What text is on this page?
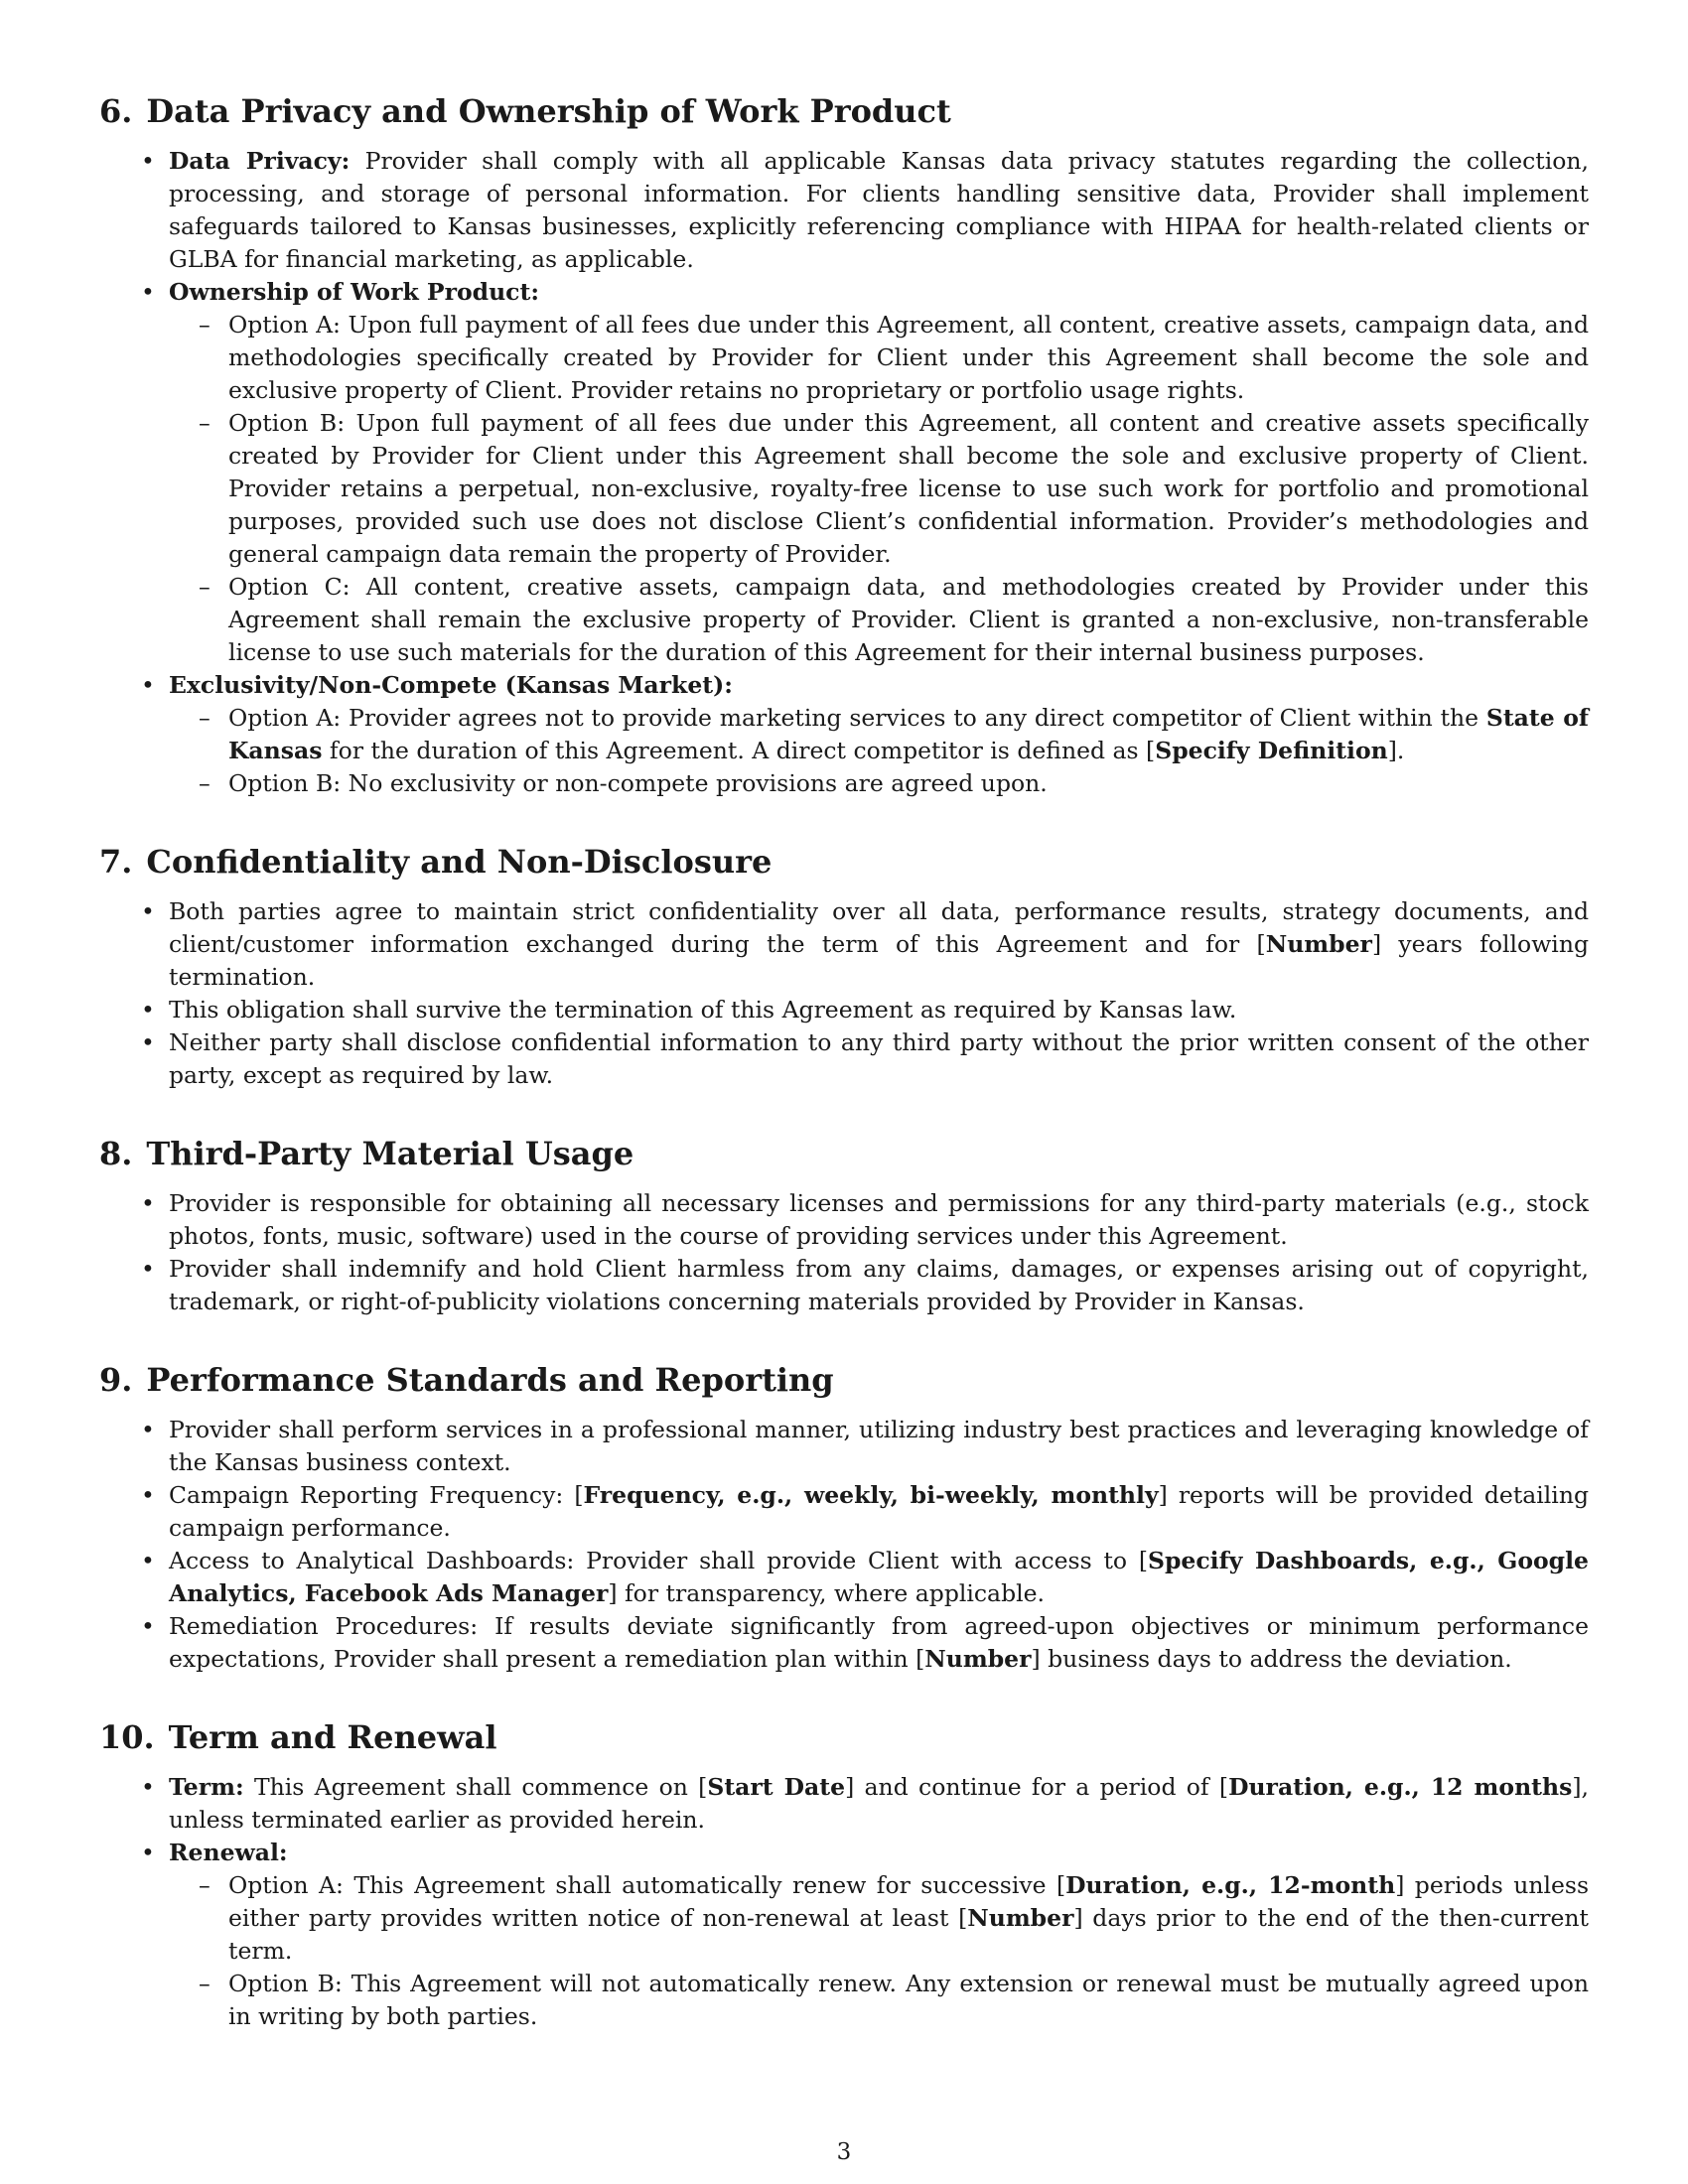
6. Data Privacy and Ownership of Work Product
• Data Privacy: Provider shall comply with all applicable Kansas data privacy statutes regarding the collection, processing, and storage of personal information. For clients handling sensitive data, Provider shall implement safeguards tailored to Kansas businesses, explicitly referencing compliance with HIPAA for health-related clients or GLBA for financial marketing, as applicable.
• Ownership of Work Product:
– Option A: Upon full payment of all fees due under this Agreement, all content, creative assets, campaign data, and methodologies specifically created by Provider for Client under this Agreement shall become the sole and exclusive property of Client. Provider retains no proprietary or portfolio usage rights.
– Option B: Upon full payment of all fees due under this Agreement, all content and creative assets specifically created by Provider for Client under this Agreement shall become the sole and exclusive property of Client. Provider retains a perpetual, non-exclusive, royalty-free license to use such work for portfolio and promotional purposes, provided such use does not disclose Client’s confidential information. Provider’s methodologies and general campaign data remain the property of Provider.
– Option C: All content, creative assets, campaign data, and methodologies created by Provider under this Agreement shall remain the exclusive property of Provider. Client is granted a non-exclusive, non-transferable license to use such materials for the duration of this Agreement for their internal business purposes.
• Exclusivity/Non-Compete (Kansas Market):
– Option A: Provider agrees not to provide marketing services to any direct competitor of Client within the State of Kansas for the duration of this Agreement. A direct competitor is defined as [Specify Definition].
– Option B: No exclusivity or non-compete provisions are agreed upon.
7. Confidentiality and Non-Disclosure
• Both parties agree to maintain strict confidentiality over all data, performance results, strategy documents, and client/customer information exchanged during the term of this Agreement and for [Number] years following termination.
• This obligation shall survive the termination of this Agreement as required by Kansas law.
• Neither party shall disclose confidential information to any third party without the prior written consent of the other party, except as required by law.
8. Third-Party Material Usage
• Provider is responsible for obtaining all necessary licenses and permissions for any third-party materials (e.g., stock photos, fonts, music, software) used in the course of providing services under this Agreement.
• Provider shall indemnify and hold Client harmless from any claims, damages, or expenses arising out of copyright, trademark, or right-of-publicity violations concerning materials provided by Provider in Kansas.
9. Performance Standards and Reporting
• Provider shall perform services in a professional manner, utilizing industry best practices and leveraging knowledge of the Kansas business context.
• Campaign Reporting Frequency: [Frequency, e.g., weekly, bi-weekly, monthly] reports will be provided detailing campaign performance.
• Access to Analytical Dashboards: Provider shall provide Client with access to [Specify Dashboards, e.g., Google Analytics, Facebook Ads Manager] for transparency, where applicable.
• Remediation Procedures: If results deviate significantly from agreed-upon objectives or minimum performance expectations, Provider shall present a remediation plan within [Number] business days to address the deviation.
10. Term and Renewal
• Term: This Agreement shall commence on [Start Date] and continue for a period of [Duration, e.g., 12 months], unless terminated earlier as provided herein.
• Renewal:
– Option A: This Agreement shall automatically renew for successive [Duration, e.g., 12-month] periods unless either party provides written notice of non-renewal at least [Number] days prior to the end of the then-current term.
– Option B: This Agreement will not automatically renew. Any extension or renewal must be mutually agreed upon in writing by both parties.
3
